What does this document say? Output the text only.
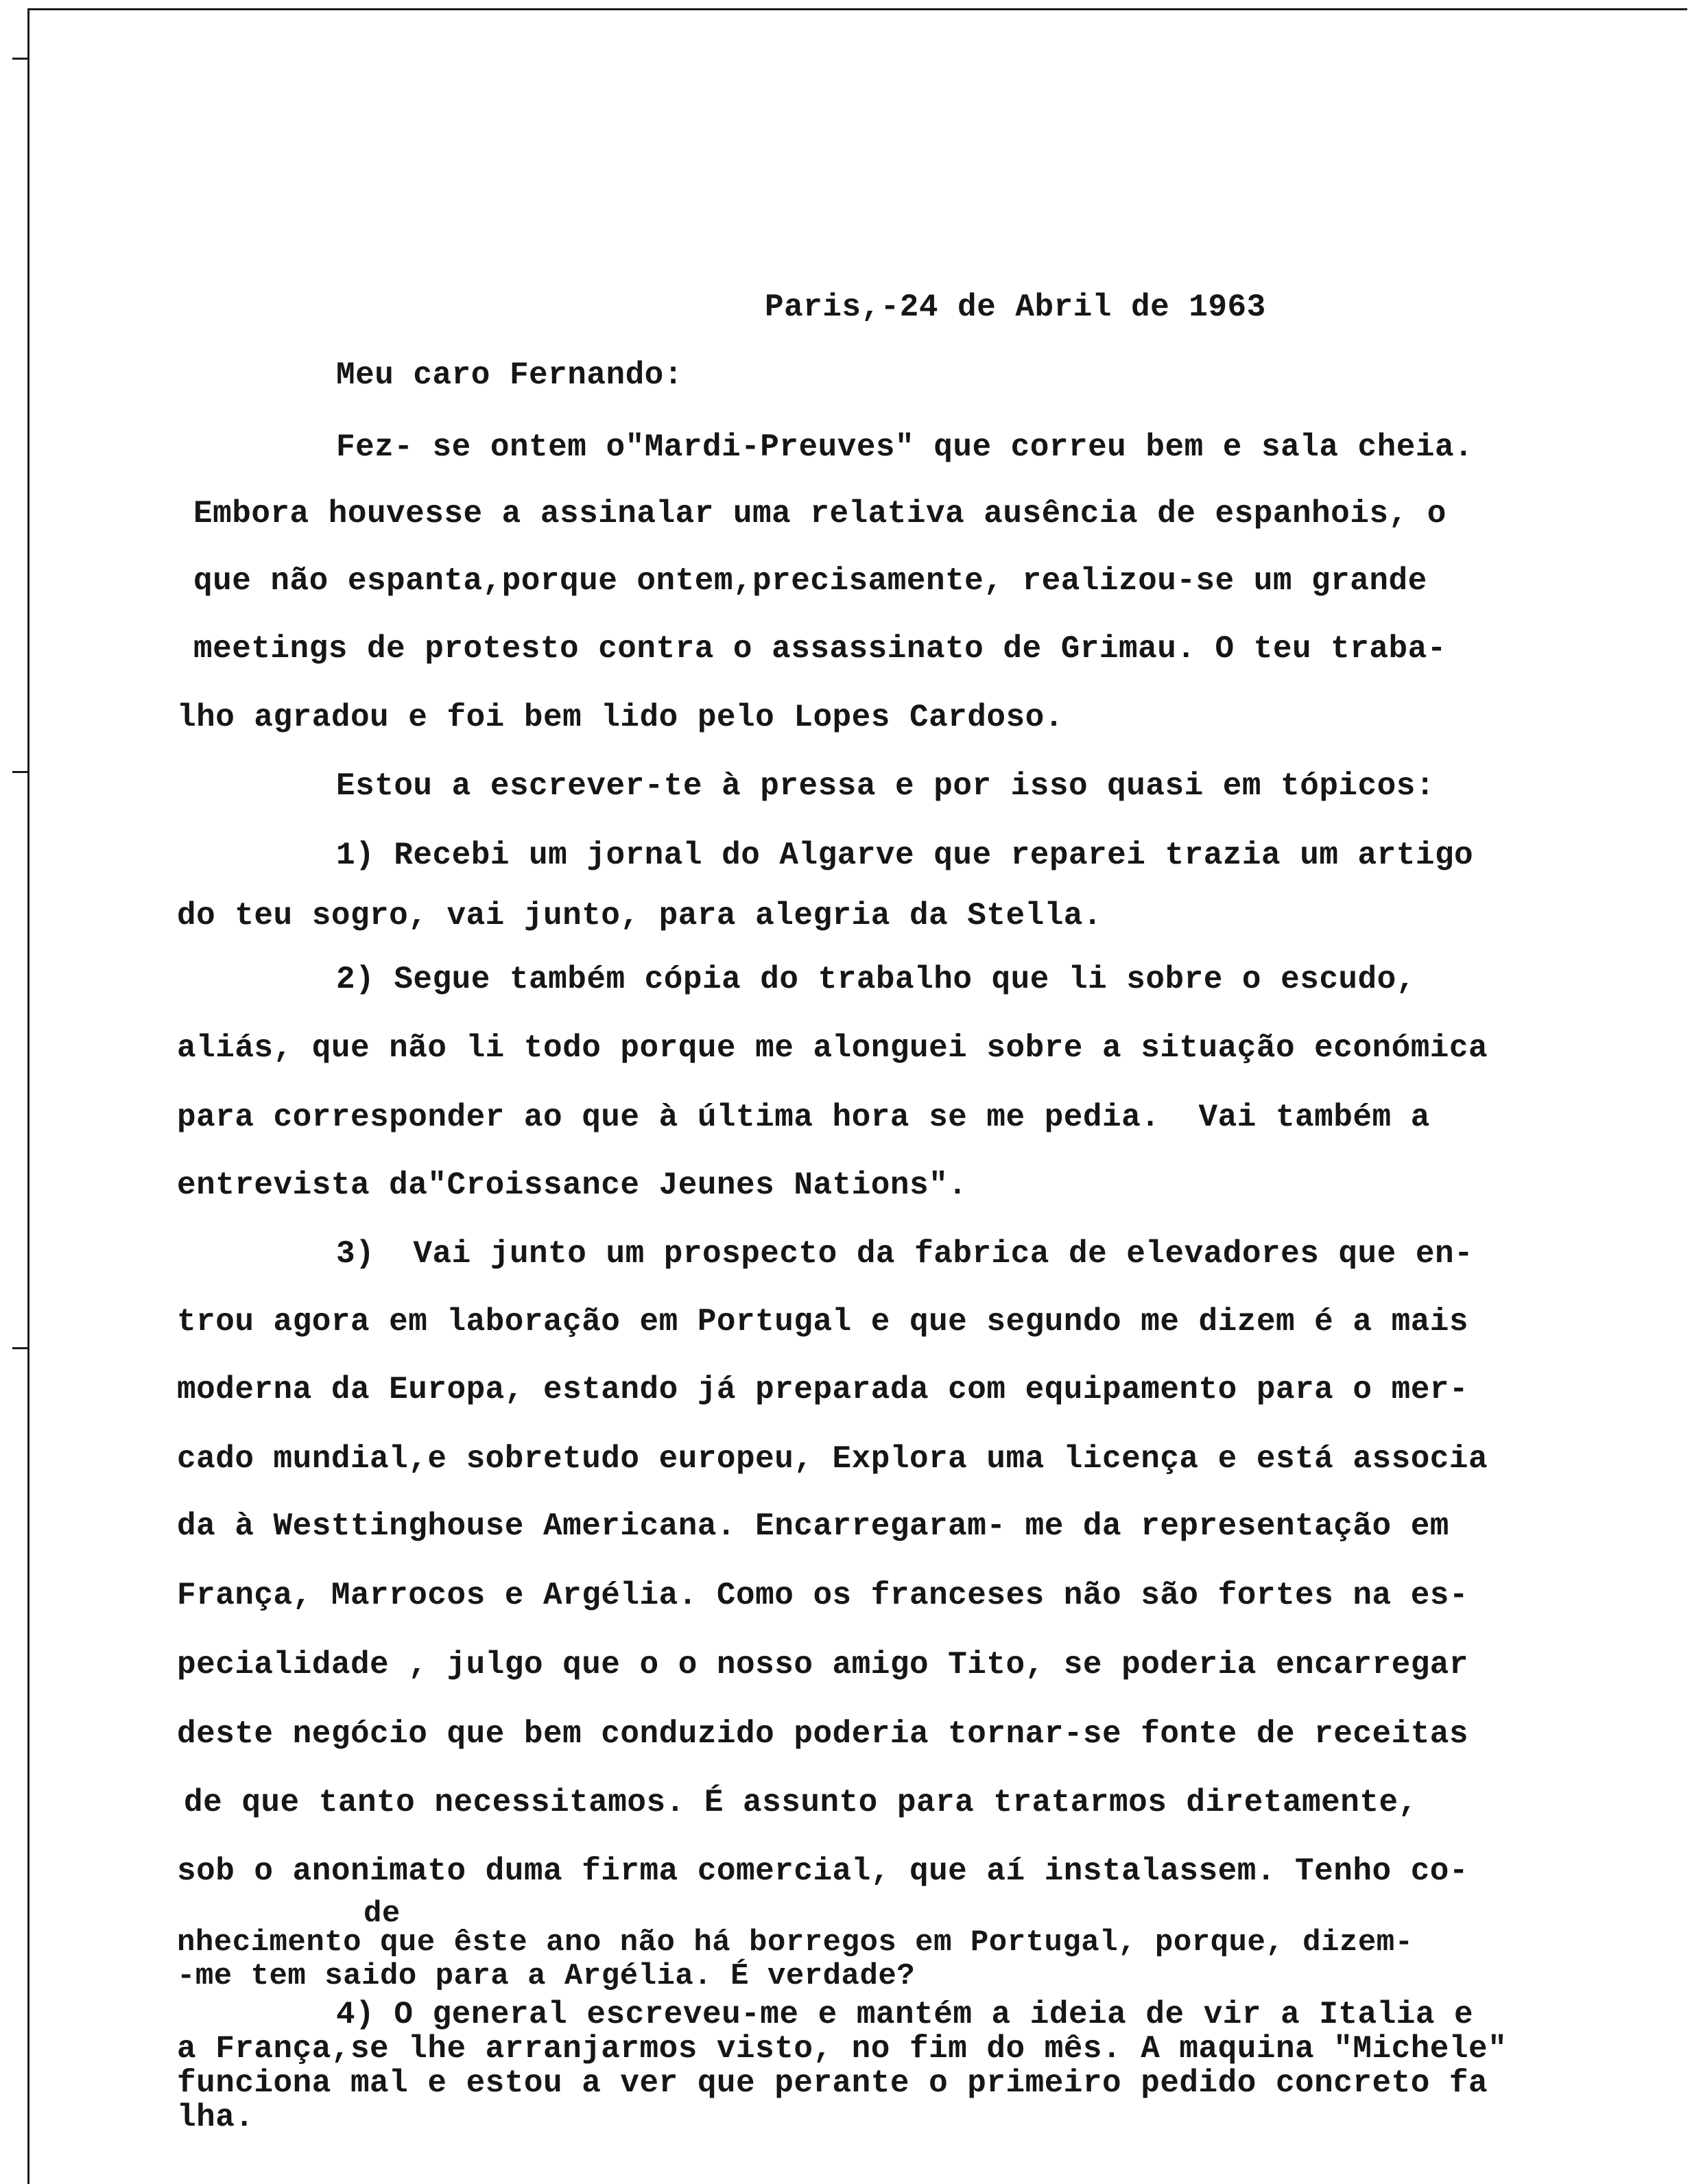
Paris,-24 de Abril de 1963
Meu caro Fernando:
Fez- se ontem o"Mardi-Preuves" que correu bem e sala cheia.
Embora houvesse a assinalar uma relativa ausência de espanhois, o
que não espanta,porque ontem,precisamente, realizou-se um grande
meetings de protesto contra o assassinato de Grimau. O teu traba-
lho agradou e foi bem lido pelo Lopes Cardoso.
Estou a escrever-te à pressa e por isso quasi em tópicos:
1) Recebi um jornal do Algarve que reparei trazia um artigo
do teu sogro, vai junto, para alegria da Stella.
2) Segue também cópia do trabalho que li sobre o escudo,
aliás, que não li todo porque me alonguei sobre a situação económica
para corresponder ao que à última hora se me pedia.  Vai também a
entrevista da"Croissance Jeunes Nations".
3)  Vai junto um prospecto da fabrica de elevadores que en-
trou agora em laboração em Portugal e que segundo me dizem é a mais
moderna da Europa, estando já preparada com equipamento para o mer-
cado mundial,e sobretudo europeu, Explora uma licença e está associa
da à Westtinghouse Americana. Encarregaram- me da representação em
França, Marrocos e Argélia. Como os franceses não são fortes na es-
pecialidade , julgo que o o nosso amigo Tito, se poderia encarregar
deste negócio que bem conduzido poderia tornar-se fonte de receitas
de que tanto necessitamos. É assunto para tratarmos diretamente,
sob o anonimato duma firma comercial, que aí instalassem. Tenho co-
de
nhecimento que êste ano não há borregos em Portugal, porque, dizem-
-me tem saido para a Argélia. É verdade?
4) O general escreveu-me e mantém a ideia de vir a Italia e
a França,se lhe arranjarmos visto, no fim do mês. A maquina "Michele"
funciona mal e estou a ver que perante o primeiro pedido concreto fa
lha.
